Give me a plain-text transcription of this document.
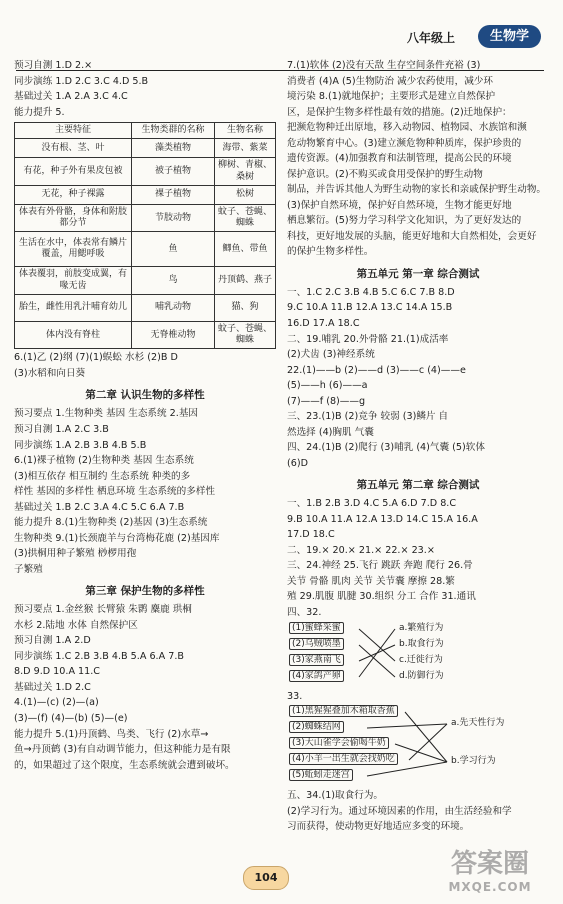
八年级上	生物学
预习自测 1.D 2.×
同步演练 1.D 2.C 3.C 4.D 5.B
基础过关 1.A 2.A 3.C 4.C
能力提升 5.
主要特征	生物类群的名称	生物名称
没有根、茎、叶	藻类植物	海带、紫菜
有花，种子外有果皮包被	被子植物	柳树、青椒、桑树
无花，种子裸露	裸子植物	松树
体表有外骨骼，身体和附肢都分节	节肢动物	蚊子、苍蝇、蜘蛛
生活在水中，体表常有鳞片覆盖，用鳃呼吸	鱼	鲫鱼、带鱼
体表覆羽，前肢变成翼，有喙无齿	鸟	丹顶鹤、燕子
胎生，雌性用乳汁哺育幼儿	哺乳动物	猫、狗
体内没有脊柱	无脊椎动物	蚊子、苍蝇、蜘蛛
6.(1)乙 (2)纲 (7)(1)蜈蚣 水杉 (2)B D
(3)水稻和向日葵
第二章 认识生物的多样性
预习要点 1.生物种类 基因 生态系统 2.基因
预习自测 1.A 2.C 3.B
同步演练 1.A 2.B 3.B 4.B 5.B
6.(1)裸子植物 (2)生物种类 基因 生态系统
(3)相互依存 相互制约 生态系统 种类的多
样性 基因的多样性 栖息环境 生态系统的多样性
基础过关 1.B 2.C 3.A 4.C 5.C 6.A 7.B
能力提升 8.(1)生物种类 (2)基因 (3)生态系统
生物种类 9.(1)长颈鹿羊与台湾梅花鹿 (2)基因库
(3)拱桐用种子繁殖 桫椤用孢
子繁殖
第三章 保护生物的多样性
预习要点 1.金丝猴 长臂猿 朱鹮 麋鹿 珙桐
水杉 2.陆地 水体 自然保护区
预习自测 1.A 2.D
同步演练 1.C 2.B 3.B 4.B 5.A 6.A 7.B
8.D 9.D 10.A 11.C
基础过关 1.D 2.C
4.(1)—(c) (2)—(a)
(3)—(f) (4)—(b) (5)—(e)
能力提升 5.(1)丹顶鹤、鸟类、飞行 (2)水草→
鱼→丹顶鹤 (3)有自动调节能力，但这种能力是有限
的，如果超过了这个限度，生态系统就会遭到破坏。
7.(1)软体 (2)没有天敌 生存空间条件充裕 (3)
消费者 (4)A (5)生物防治 减少农药使用，减少环
境污染 8.(1)就地保护；主要形式是建立自然保护
区，是保护生物多样性最有效的措施。(2)迁地保护：
把濒危物种迁出原地，移入动物园、植物园、水族馆和濒
危动物繁育中心。(3)建立濒危物种种质库，保护珍贵的
遗传资源。(4)加强教育和法制管理，提高公民的环境
保护意识。(2)不购买或食用受保护的野生动物
制品，并告诉其他人为野生动物的家长和亲戚保护野生动物。
(3)保护自然环境，保护好自然环境，生物才能更好地
栖息繁衍。(5)努力学习科学文化知识，为了更好发达的
科技，更好地发展的头脑，能更好地和大自然相处，会更好
的保护生物多样性。
第五单元 第一章 综合测试
一、1.C 2.C 3.B 4.B 5.C 6.C 7.B 8.D
9.C 10.A 11.B 12.A 13.C 14.A 15.B
16.D 17.A 18.C
二、19.哺乳 20.外骨骼 21.(1)成活率
(2)犬齿 (3)神经系统
22.(1)——b (2)——d (3)——c (4)——e
(5)——h (6)——a
(7)——f (8)——g
三、23.(1)B (2)竞争 较弱 (3)鳞片 自
然选择 (4)胸肌 气囊
四、24.(1)B (2)爬行 (3)哺乳 (4)气囊 (5)软体
(6)D
第五单元 第二章 综合测试
一、1.B 2.B 3.D 4.C 5.A 6.D 7.D 8.C
9.B 10.A 11.A 12.A 13.D 14.C 15.A 16.A
17.D 18.C
二、19.× 20.× 21.× 22.× 23.×
三、24.神经 25.飞行 跳跃 奔跑 爬行 26.骨
关节 骨骼 肌肉 关节 关节囊 摩擦 28.繁
殖 29.肌腹 肌腱 30.组织 分工 合作 31.通讯
四、32.
(1)蜜蜂采蜜
(2)乌贼喷墨
(3)家燕南飞
(4)家鸽产卵
a.繁殖行为
b.取食行为
c.迁徙行为
d.防御行为
33.
(1)黑猩猩叠加木箱取香蕉
(2)蜘蛛结网
(3)大山雀学会偷喝牛奶
(4)小羊一出生就会找奶吃
(5)蚯蚓走迷宫
a.先天性行为
b.学习行为
五、34.(1)取食行为。
(2)学习行为。通过环境因素的作用，由生活经验和学
习而获得，使动物更好地适应多变的环境。
104	答案圈
MXQE.COM
